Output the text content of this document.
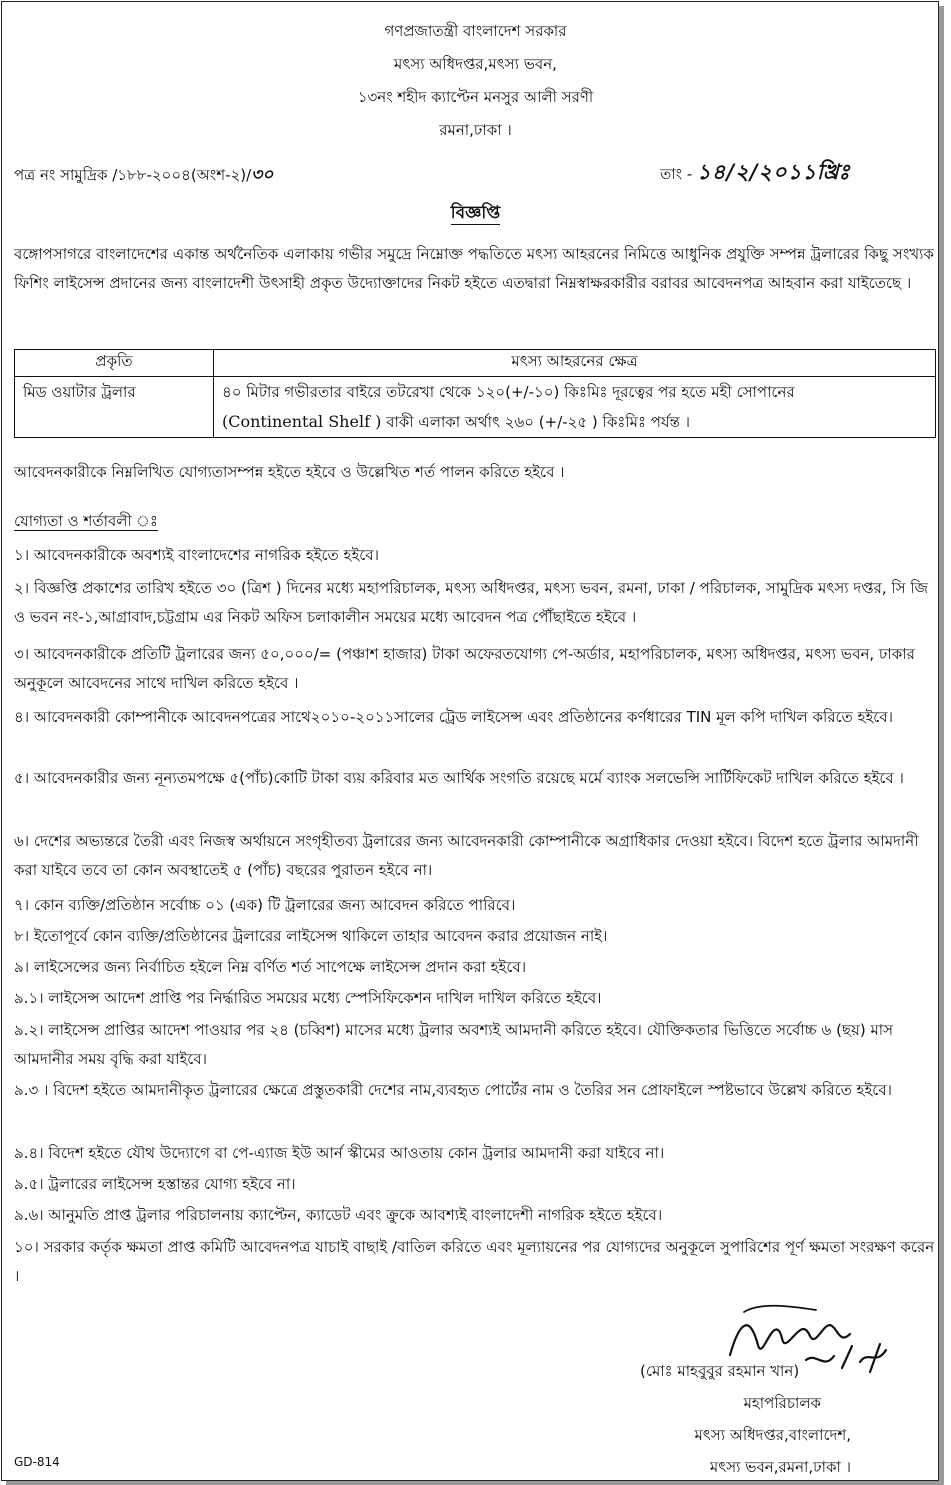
গণপ্রজাতন্ত্রী বাংলাদেশ সরকার
মৎস্য অধিদপ্তর,মৎস্য ভবন,
১৩নং শহীদ ক্যাপ্টেন মনসুর আলী সরণী
রমনা,ঢাকা ।
পত্র নং সামুদ্রিক /১৮৮-২০০৪(অংশ-২)/৩০	তাং - ১৪/২/২০১১খ্রিঃ
বিজ্ঞপ্তি
বঙ্গোপসাগরে বাংলাদেশের একান্ত অর্থনৈতিক এলাকায় গভীর সমুদ্রে নিম্নোক্ত পদ্ধতিতে মৎস্য আহরনের নিমিত্তে আধুনিক প্রযুক্তি সম্পন্ন ট্রলারের কিছু সংখ্যক ফিশিং লাইসেন্স প্রদানের জন্য বাংলাদেশী উৎসাহী প্রকৃত উদ্যোক্তাদের নিকট হইতে এতদ্বারা নিম্নস্বাক্ষরকারীর বরাবর আবেদনপত্র আহবান করা যাইতেছে ।
প্রকৃতি	মৎস্য আহরনের ক্ষেত্র
মিড ওয়াটার ট্রলার	৪০ মিটার গভীরতার বাইরে তটরেখা থেকে ১২০(+/-১০) কিঃমিঃ দূরত্বের পর হতে মহী সোপানের
(Continental Shelf ) বাকী এলাকা অর্থাৎ ২৬০ (+/-২৫ ) কিঃমিঃ পর্যন্ত ।
আবেদনকারীকে নিম্নলিখিত যোগ্যতাসম্পন্ন হইতে হইবে ও উল্লেখিত শর্ত পালন করিতে হইবে ।
যোগ্যতা ও শর্তাবলী ঃ
১। আবেদনকারীকে অবশ্যই বাংলাদেশের নাগরিক হইতে হইবে।
২। বিজ্ঞপ্তি প্রকাশের তারিখ হইতে ৩০ (ত্রিশ ) দিনের মধ্যে মহাপরিচালক, মৎস্য অধিদপ্তর, মৎস্য ভবন, রমনা, ঢাকা / পরিচালক, সামুদ্রিক মৎস্য দপ্তর, সি জি ও ভবন নং-১,আগ্রাবাদ,চট্টগ্রাম এর নিকট অফিস চলাকালীন সময়ের মধ্যে আবেদন পত্র পৌঁছাইতে হইবে ।
৩। আবেদনকারীকে প্রতিটি ট্রলারের জন্য ৫০,০০০/= (পঞ্চাশ হাজার) টাকা অফেরতযোগ্য পে-অর্ডার, মহাপরিচালক, মৎস্য অধিদপ্তর, মৎস্য ভবন, ঢাকার অনুকূলে আবেদনের সাথে দাখিল করিতে হইবে ।
৪। আবেদনকারী কোম্পানীকে আবেদনপত্রের সাথে২০১০-২০১১সালের ট্রেড লাইসেন্স এবং প্রতিষ্ঠানের কর্ণধারের TIN মূল কপি দাখিল করিতে হইবে।
৫। আবেদনকারীর জন্য নূন্যতমপক্ষে ৫(পাঁচ)কোটি টাকা ব্যয় করিবার মত আর্থিক সংগতি রয়েছে মর্মে ব্যাংক সলভেন্সি সার্টিফিকেট দাখিল করিতে হইবে ।
৬। দেশের অভ্যন্তরে তৈরী এবং নিজস্ব অর্থায়নে সংগৃহীতব্য ট্রলারের জন্য আবেদনকারী কোম্পানীকে অগ্রাধিকার দেওয়া হইবে। বিদেশ হতে ট্রলার আমদানী করা যাইবে তবে তা কোন অবস্থাতেই ৫ (পাঁচ) বছরের পুরাতন হইবে না।
৭। কোন ব্যক্তি/প্রতিষ্ঠান সর্বোচ্চ ০১ (এক) টি ট্রলারের জন্য আবেদন করিতে পারিবে।
৮। ইতোপূর্বে কোন ব্যক্তি/প্রতিষ্ঠানের ট্রলারের লাইসেন্স থাকিলে তাহার আবেদন করার প্রয়োজন নাই।
৯। লাইসেন্সের জন্য নির্বাচিত হইলে নিম্ন বর্ণিত শর্ত সাপেক্ষে লাইসেন্স প্রদান করা হইবে।
৯.১। লাইসেন্স আদেশ প্রাপ্তি পর নির্দ্ধারিত সময়ের মধ্যে স্পেসিফিকেশন দাখিল দাখিল করিতে হইবে।
৯.২। লাইসেন্স প্রাপ্তির আদেশ পাওয়ার পর ২৪ (চব্বিশ) মাসের মধ্যে ট্রলার অবশ্যই আমদানী করিতে হইবে। যৌক্তিকতার ভিত্তিতে সর্বোচ্চ ৬ (ছয়) মাস আমদানীর সময় বৃদ্ধি করা যাইবে।
৯.৩ । বিদেশ হইতে আমদানীকৃত ট্রলারের ক্ষেত্রে প্রস্তুতকারী দেশের নাম,ব্যবহৃত পোর্টের নাম ও তৈরির সন প্রোফাইলে স্পষ্টভাবে উল্লেখ করিতে হইবে।
৯.৪। বিদেশ হইতে যৌথ উদ্যোগে বা পে-এ্যাজ ইউ আর্ন স্কীমের আওতায় কোন ট্রলার আমদানী করা যাইবে না।
৯.৫। ট্রলারের লাইসেন্স হস্তান্তর যোগ্য হইবে না।
৯.৬। আনুমতি প্রাপ্ত ট্রলার পরিচালনায় ক্যাপ্টেন, ক্যাডেট এবং ক্রুকে আবশ্যই বাংলাদেশী নাগরিক হইতে হইবে।
১০। সরকার কর্তৃক ক্ষমতা প্রাপ্ত কমিটি আবেদনপত্র যাচাই বাছাই /বাতিল করিতে এবং মূল্যায়নের পর যোগ্যদের অনুকূলে সুপারিশের পূর্ণ ক্ষমতা সংরক্ষণ করেন ।
(মোঃ মাহবুবুর রহমান খান)
মহাপরিচালক
মৎস্য অধিদপ্তর,বাংলাদেশ,
মৎস্য ভবন,রমনা,ঢাকা ।
GD-814
